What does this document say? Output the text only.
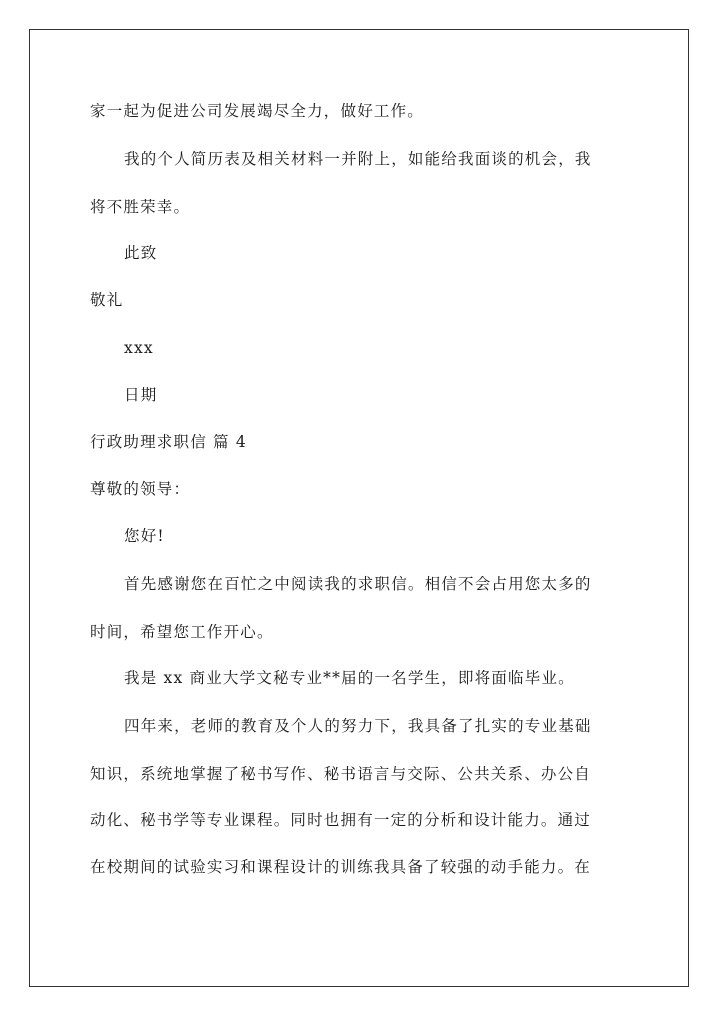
家一起为促进公司发展竭尽全力，做好工作。
我的个人简历表及相关材料一并附上，如能给我面谈的机会，我
将不胜荣幸。
此致
敬礼
xxx
日期
行政助理求职信 篇 4
尊敬的领导：
您好!
首先感谢您在百忙之中阅读我的求职信。相信不会占用您太多的
时间，希望您工作开心。
我是 xx 商业大学文秘专业**届的一名学生，即将面临毕业。
四年来，老师的教育及个人的努力下，我具备了扎实的专业基础
知识，系统地掌握了秘书写作、秘书语言与交际、公共关系、办公自
动化、秘书学等专业课程。同时也拥有一定的分析和设计能力。通过
在校期间的试验实习和课程设计的训练我具备了较强的动手能力。在
